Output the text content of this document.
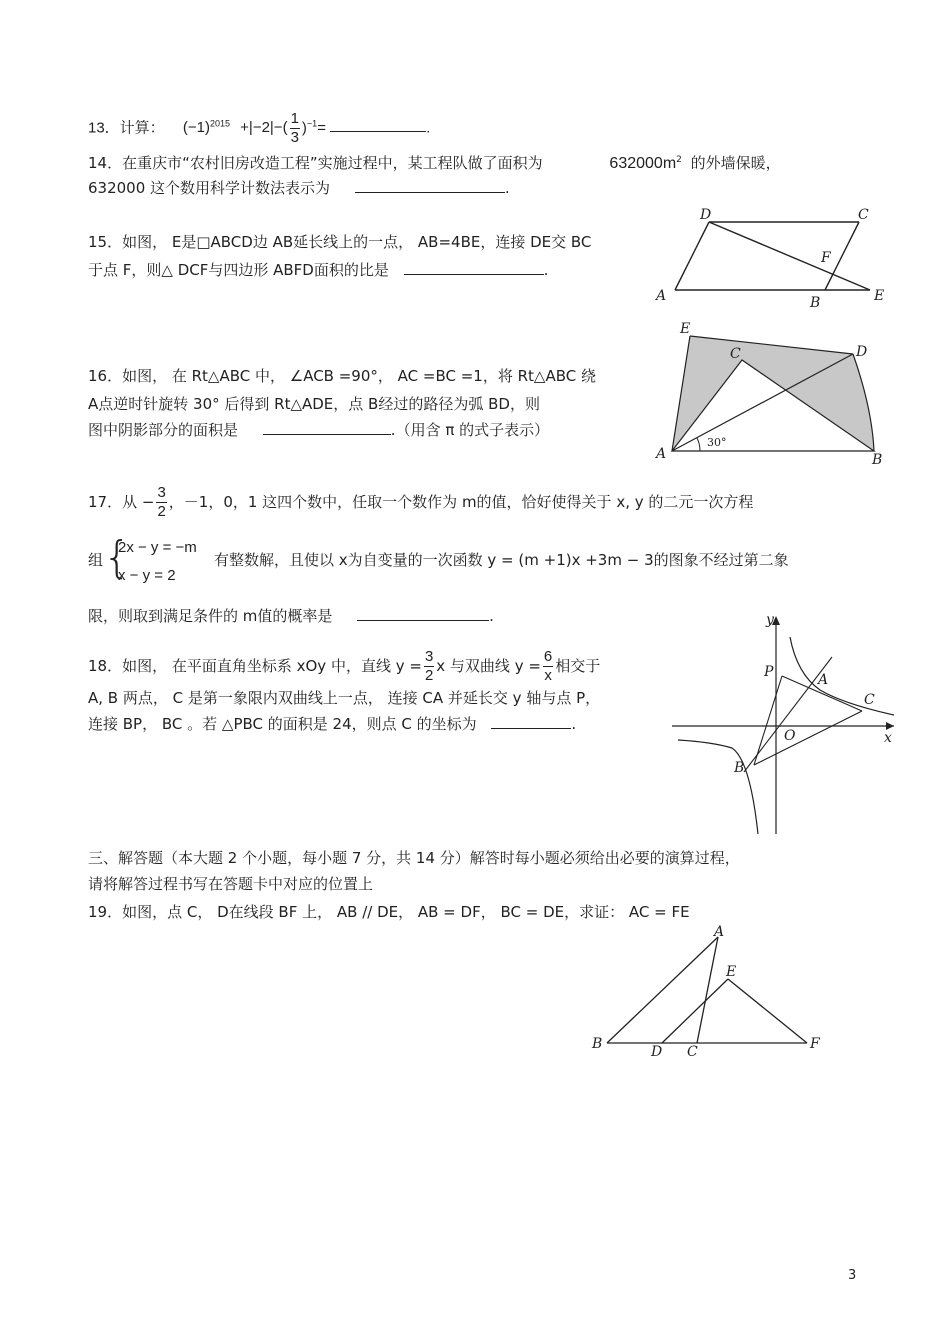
13．计算： $(-1)^{2015} +|-2|-( \frac{1}{3} )^{-1}=$	.
14．在重庆市“农村旧房改造工程”实施过程中，某工程队做了面积为	$632000m^2$ 的外墙保暖，
632000 这个数用科学计数法表示为	.
15．如图， E是□ABCD边 AB延长线上的一点， AB=4BE，连接 DE交 BC
于点 F，则△ DCF与四边形 ABFD面积的比是	.
D	C
F
A	B	E
16．如图， 在 Rt△ABC 中， ∠ACB =90°， AC =BC =1，将 Rt△ABC 绕
A点逆时针旋转 30° 后得到 Rt△ADE，点 B经过的路径为弧 BD，则
图中阴影部分的面积是	.（用含 π 的式子表示）
E
C	D
A	B
30°
17．从 − $\frac{3}{2}$ ，－1，0，1 这四个数中，任取一个数作为 m的值，恰好使得关于 x, y 的二元一次方程
组 {
2x − y = −m
x − y = 2
有整数解，且使以 x为自变量的一次函数 y = (m +1)x +3m − 3的图象不经过第二象
限，则取到满足条件的 m值的概率是	.
18．如图， 在平面直角坐标系 xOy 中，直线 $y = \frac{3}{2}$ x 与双曲线 $y = \frac{6}{x}$ 相交于
A, B 两点， C 是第一象限内双曲线上一点， 连接 CA 并延长交 y 轴与点 P，
连接 BP， BC 。若 △PBC 的面积是 24，则点 C 的坐标为	.
y
P	A
C
O	x
B
三、解答题（本大题 2 个小题，每小题 7 分，共 14 分）解答时每小题必须给出必要的演算过程，
请将解答过程书写在答题卡中对应的位置上
19．如图，点 C， D在线段 BF 上， AB // DE， AB = DF， BC = DE，求证： AC = FE
A
E
B	D C	F
3
